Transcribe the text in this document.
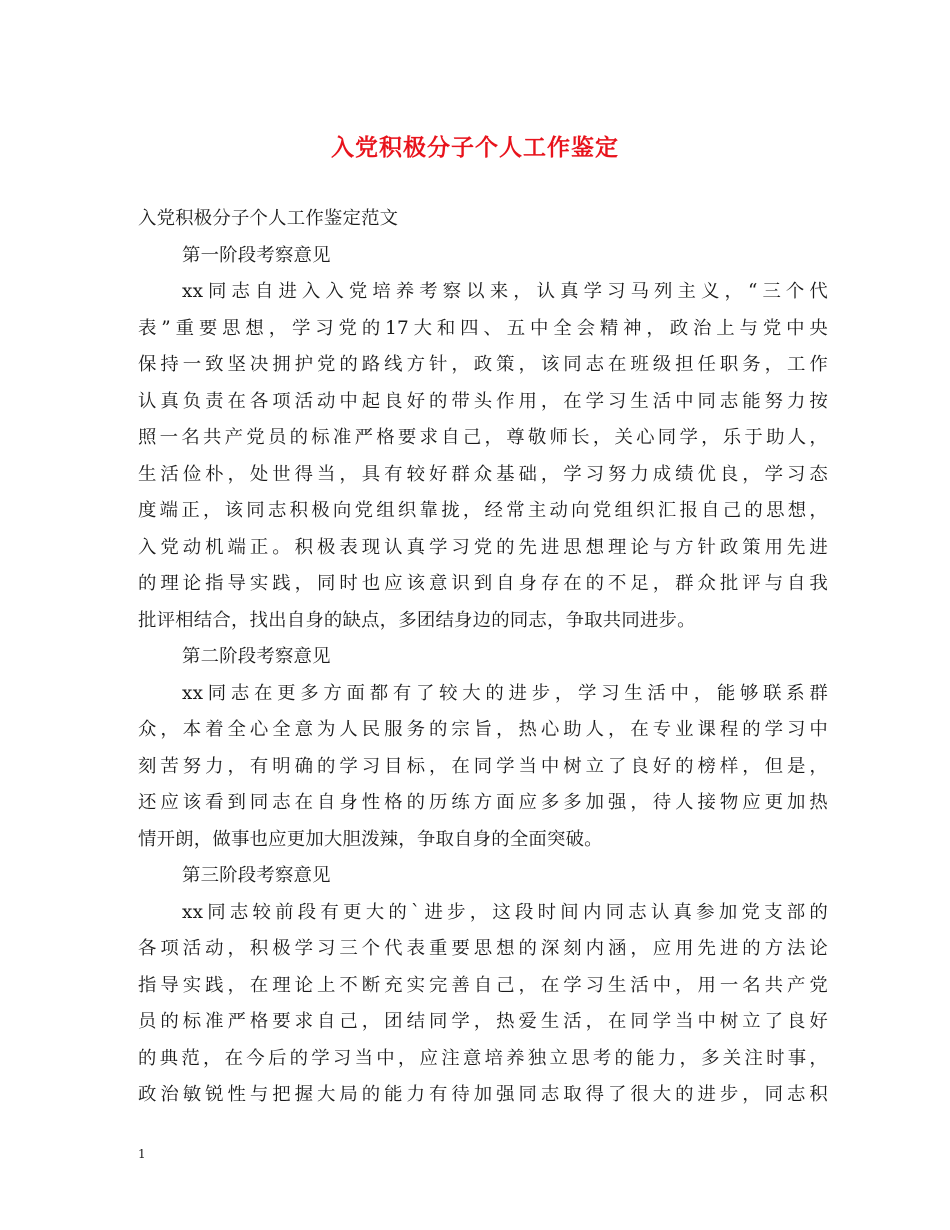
入党积极分子个人工作鉴定
入党积极分子个人工作鉴定范文
第一阶段考察意见
xx同志自进入入党培养考察以来，认真学习马列主义，“三个代
表”重要思想，学习党的17大和四、五中全会精神，政治上与党中央
保持一致坚决拥护党的路线方针，政策，该同志在班级担任职务，工作
认真负责在各项活动中起良好的带头作用，在学习生活中同志能努力按
照一名共产党员的标准严格要求自己，尊敬师长，关心同学，乐于助人，
生活俭朴，处世得当，具有较好群众基础，学习努力成绩优良，学习态
度端正，该同志积极向党组织靠拢，经常主动向党组织汇报自己的思想，
入党动机端正。积极表现认真学习党的先进思想理论与方针政策用先进
的理论指导实践，同时也应该意识到自身存在的不足，群众批评与自我
批评相结合，找出自身的缺点，多团结身边的同志，争取共同进步。
第二阶段考察意见
xx同志在更多方面都有了较大的进步，学习生活中，能够联系群
众，本着全心全意为人民服务的宗旨，热心助人，在专业课程的学习中
刻苦努力，有明确的学习目标，在同学当中树立了良好的榜样，但是，
还应该看到同志在自身性格的历练方面应多多加强，待人接物应更加热
情开朗，做事也应更加大胆泼辣，争取自身的全面突破。
第三阶段考察意见
xx同志较前段有更大的`进步，这段时间内同志认真参加党支部的
各项活动，积极学习三个代表重要思想的深刻内涵，应用先进的方法论
指导实践，在理论上不断充实完善自己，在学习生活中，用一名共产党
员的标准严格要求自己，团结同学，热爱生活，在同学当中树立了良好
的典范，在今后的学习当中，应注意培养独立思考的能力，多关注时事，
政治敏锐性与把握大局的能力有待加强同志取得了很大的进步，同志积
1
